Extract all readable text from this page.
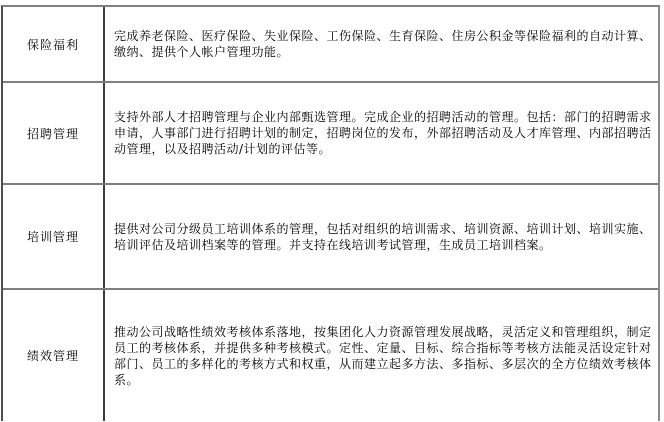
保险福利

完成养老保险、医疗保险、失业保险、工伤保险、生育保险、住房公积金等保险福利的自动计算、缴纳、提供个人帐户管理功能。

招聘管理

支持外部人才招聘管理与企业内部甄选管理。完成企业的招聘活动的管理。包括：部门的招聘需求申请，人事部门进行招聘计划的制定，招聘岗位的发布，外部招聘活动及人才库管理、内部招聘活动管理，以及招聘活动/计划的评估等。

培训管理

提供对公司分级员工培训体系的管理，包括对组织的培训需求、培训资源、培训计划、培训实施、培训评估及培训档案等的管理。并支持在线培训考试管理，生成员工培训档案。

绩效管理

推动公司战略性绩效考核体系落地，按集团化人力资源管理发展战略，灵活定义和管理组织，制定员工的考核体系，并提供多种考核模式。定性、定量、目标、综合指标等考核方法能灵活设定针对部门、员工的多样化的考核方式和权重，从而建立起多方法、多指标、多层次的全方位绩效考核体系。
